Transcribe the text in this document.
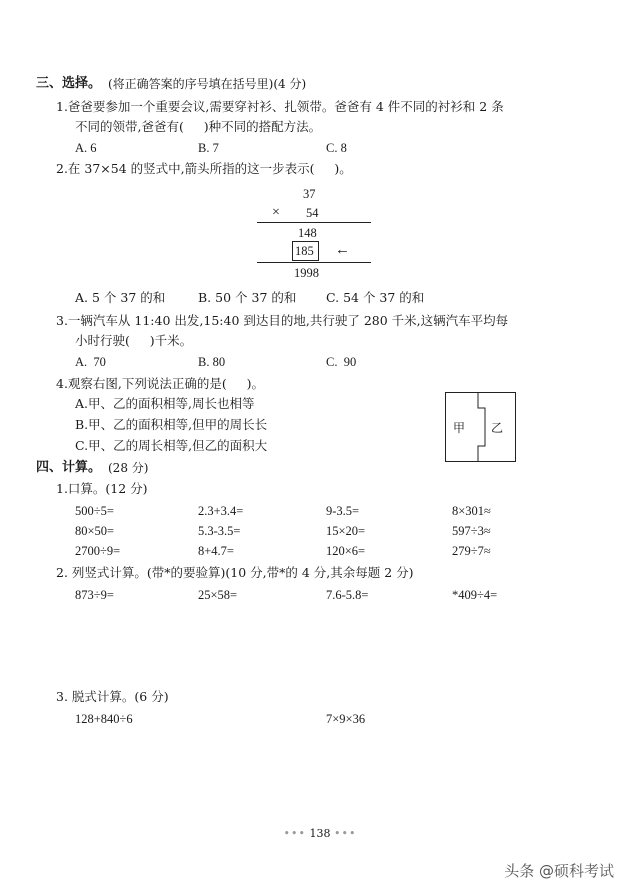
三、选择。 (将正确答案的序号填在括号里)(4 分)
1.爸爸要参加一个重要会议,需要穿衬衫、扎领带。爸爸有 4 件不同的衬衫和 2 条
不同的领带,爸爸有(     )种不同的搭配方法。
A. 6	B. 7	C. 8
2.在 37×54 的竖式中,箭头所指的这一步表示(     )。
37
× 54
148
185 ←
1998
A. 5 个 37 的和	B. 50 个 37 的和 C. 54 个 37 的和
3.一辆汽车从 11:40 出发,15:40 到达目的地,共行驶了 280 千米,这辆汽车平均每
小时行驶(     )千米。
A.  70	B. 80	C.  90
4.观察右图,下列说法正确的是(     )。
A.甲、乙的面积相等,周长也相等
B.甲、乙的面积相等,但甲的周长长
C.甲、乙的周长相等,但乙的面积大
甲 乙
四、计算。 (28 分)
1.口算。(12 分)
500÷5=	2.3+3.4=	9-3.5=	8×301≈
80×50=	5.3-3.5=	15×20=	597÷3≈
2700÷9=	8+4.7=	120×6=	279÷7≈
2. 列竖式计算。(带*的要验算)(10 分,带*的 4 分,其余每题 2 分)
873÷9=	25×58=	7.6-5.8=	*409÷4=
3. 脱式计算。(6 分)
128+840÷6	7×9×36
••• 138 •••
头条 @硕科考试
